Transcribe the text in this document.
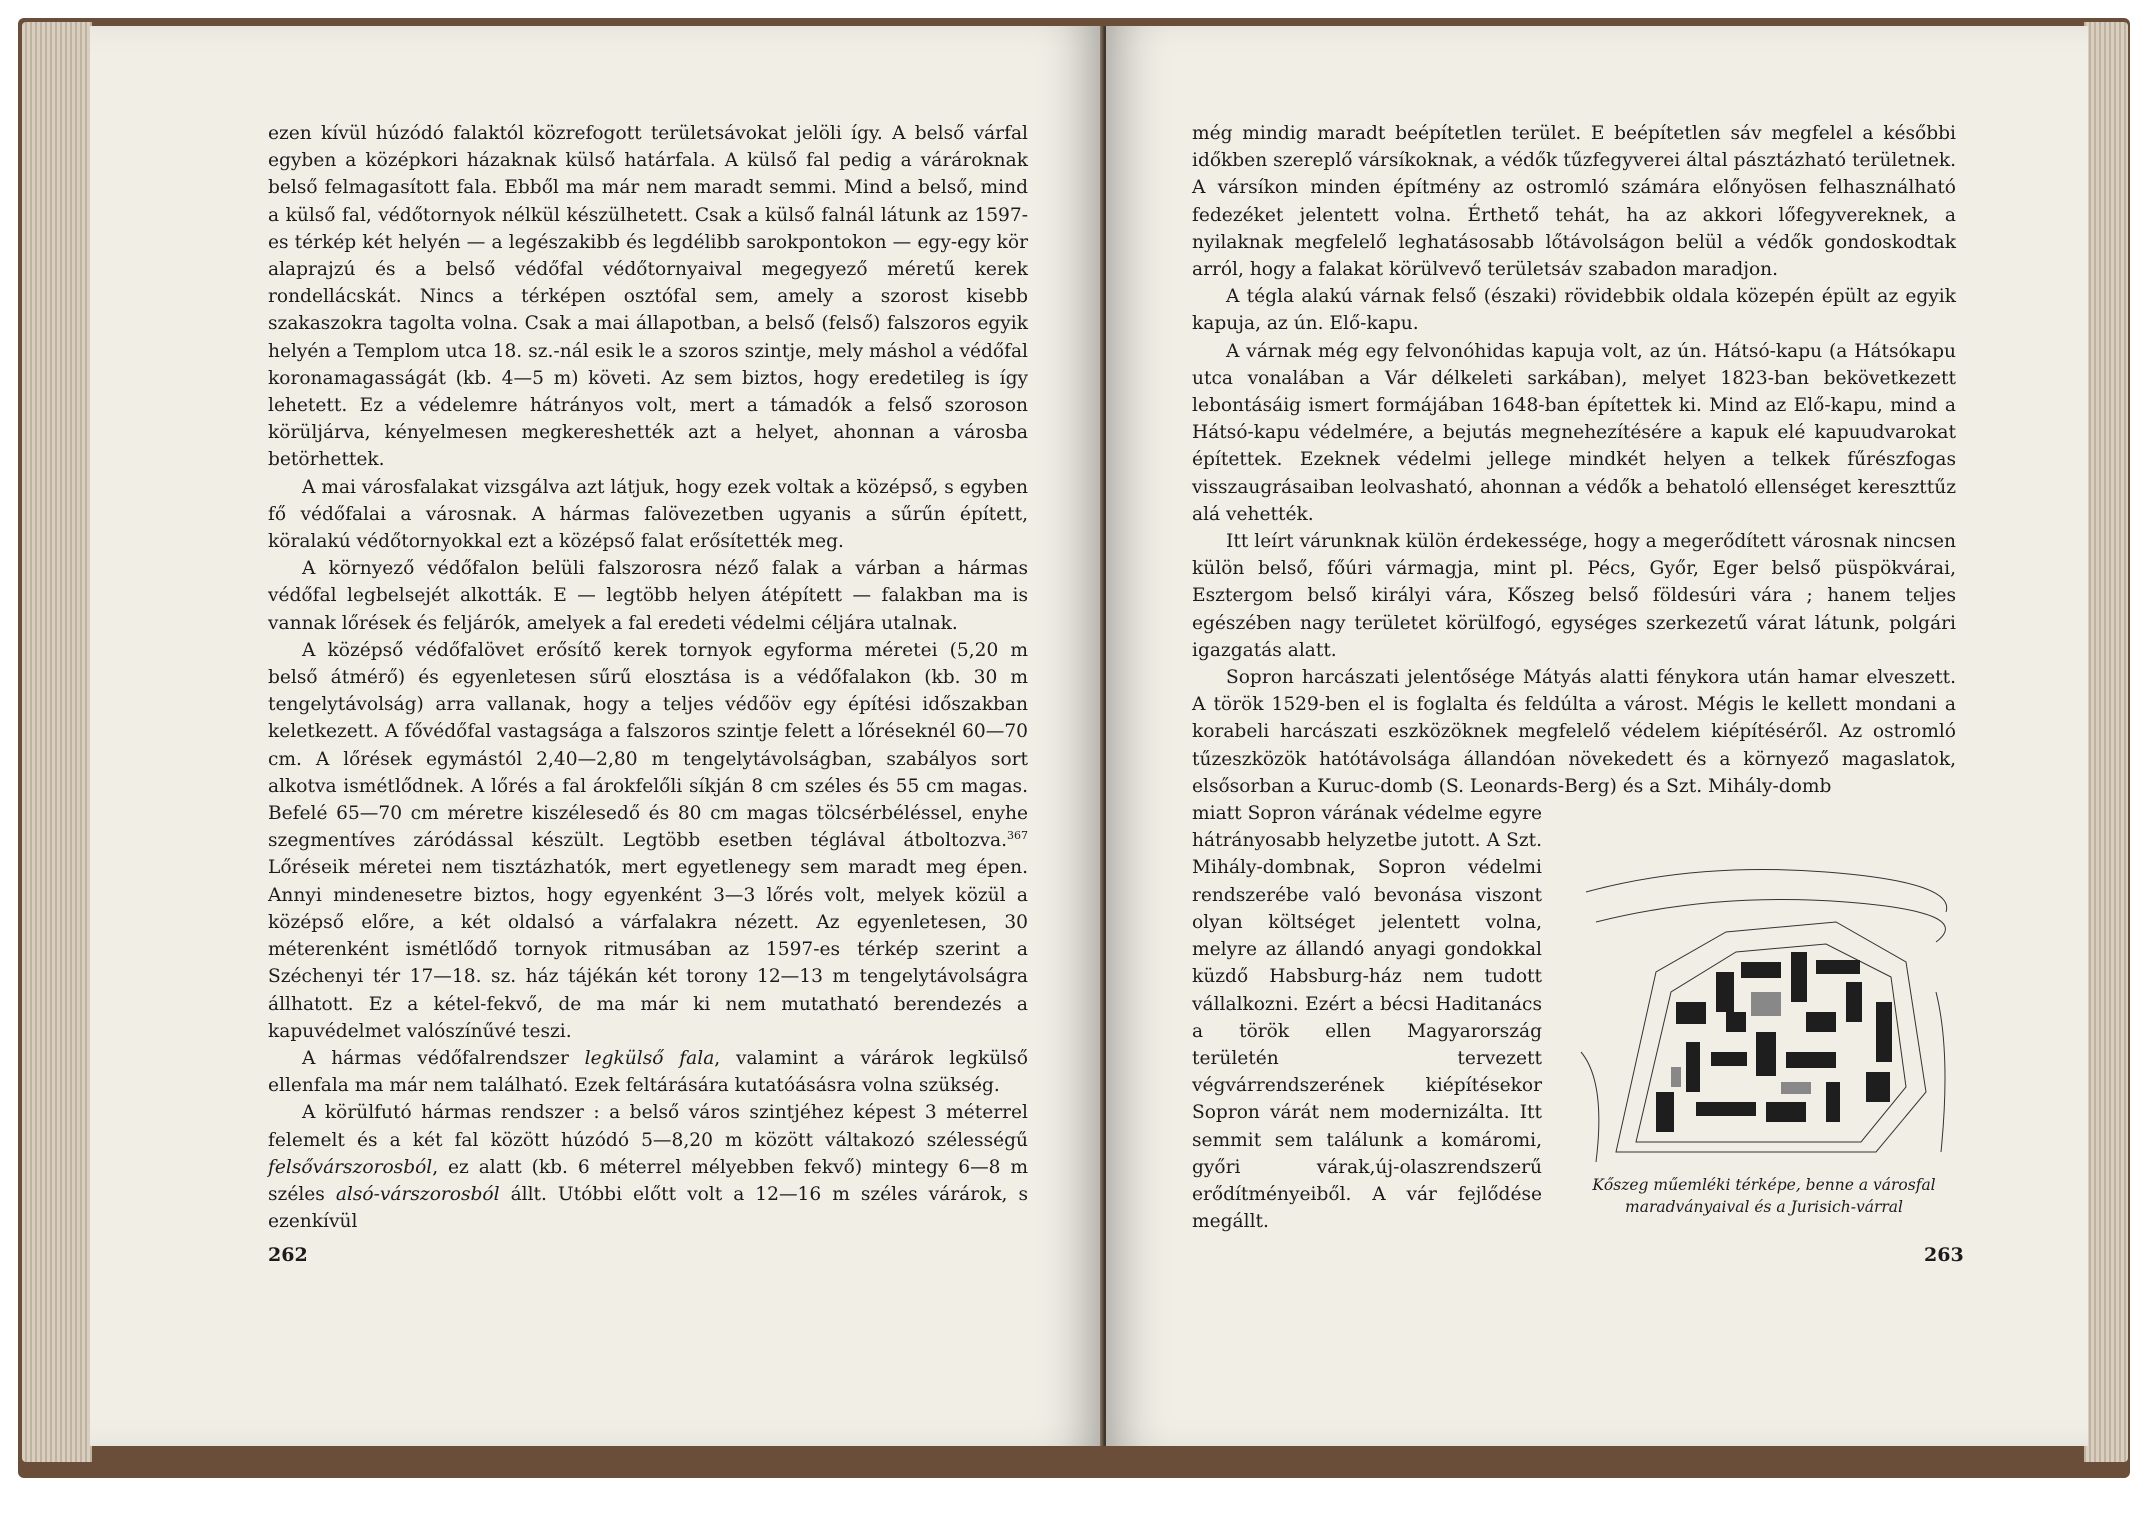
ezen kívül húzódó falaktól közrefogott területsávokat jelöli így. A belső várfal egyben a középkori házaknak külső határfala. A külső fal pedig a várároknak belső felmagasított fala. Ebből ma már nem maradt semmi. Mind a belső, mind a külső fal, védőtornyok nélkül készülhetett. Csak a külső falnál látunk az 1597-es térkép két helyén — a legészakibb és legdélibb sarokpontokon — egy-egy kör alaprajzú és a belső védőfal védőtornyaival megegyező méretű kerek rondellácskát. Nincs a térképen osztófal sem, amely a szorost kisebb szakaszokra tagolta volna. Csak a mai állapotban, a belső (felső) falszoros egyik helyén a Templom utca 18. sz.-nál esik le a szoros szintje, mely máshol a védőfal koronamagasságát (kb. 4—5 m) követi. Az sem biztos, hogy eredetileg is így lehetett. Ez a védelemre hátrányos volt, mert a támadók a felső szoroson körüljárva, kényelmesen megkereshették azt a helyet, ahonnan a városba betörhettek.

A mai városfalakat vizsgálva azt látjuk, hogy ezek voltak a középső, s egyben fő védőfalai a városnak. A hármas falövezetben ugyanis a sűrűn épített, köralakú védőtornyokkal ezt a középső falat erősítették meg.

A környező védőfalon belüli falszorosra néző falak a várban a hármas védőfal legbelsejét alkották. E — legtöbb helyen átépített — falakban ma is vannak lőrések és feljárók, amelyek a fal eredeti védelmi céljára utalnak.

A középső védőfalövet erősítő kerek tornyok egyforma méretei (5,20 m belső átmérő) és egyenletesen sűrű elosztása is a védőfalakon (kb. 30 m tengelytávolság) arra vallanak, hogy a teljes védőöv egy építési időszakban keletkezett. A fővédőfal vastagsága a falszoros szintje felett a lőréseknél 60—70 cm. A lőrések egymástól 2,40—2,80 m tengelytávolságban, szabályos sort alkotva ismétlődnek. A lőrés a fal árokfelőli síkján 8 cm széles és 55 cm magas. Befelé 65—70 cm méretre kiszélesedő és 80 cm magas tölcsérbéléssel, enyhe szegmentíves záródással készült. Legtöbb esetben téglával átboltozva.$^{367}$ Lőréseik méretei nem tisztázhatók, mert egyetlenegy sem maradt meg épen. Annyi mindenesetre biztos, hogy egyenként 3—3 lőrés volt, melyek közül a középső előre, a két oldalsó a várfalakra nézett. Az egyenletesen, 30 méterenként ismétlődő tornyok ritmusában az 1597-es térkép szerint a Széchenyi tér 17—18. sz. ház tájékán két torony 12—13 m tengelytávolságra állhatott. Ez a kétel-fekvő, de ma már ki nem mutatható berendezés a kapuvédelmet valószínűvé teszi.

A hármas védőfalrendszer legkülső fala, valamint a várárok legkülső ellenfala ma már nem található. Ezek feltárására kutatóásásra volna szükség.

A körülfutó hármas rendszer : a belső város szintjéhez képest 3 méterrel felemelt és a két fal között húzódó 5—8,20 m között váltakozó szélességű felsővárszorosból, ez alatt (kb. 6 méterrel mélyebben fekvő) mintegy 6—8 m széles alsó-várszorosból állt. Utóbbi előtt volt a 12—16 m széles várárok, s ezenkívül

262

még mindig maradt beépítetlen terület. E beépítetlen sáv megfelel a későbbi időkben szereplő vársíkoknak, a védők tűzfegyverei által pásztázható területnek. A vársíkon minden építmény az ostromló számára előnyösen felhasználható fedezéket jelentett volna. Érthető tehát, ha az akkori lőfegyvereknek, a nyilaknak megfelelő leghatásosabb lőtávolságon belül a védők gondoskodtak arról, hogy a falakat körülvevő területsáv szabadon maradjon.

A tégla alakú várnak felső (északi) rövidebbik oldala közepén épült az egyik kapuja, az ún. Elő-kapu.

A várnak még egy felvonóhidas kapuja volt, az ún. Hátsó-kapu (a Hátsókapu utca vonalában a Vár délkeleti sarkában), melyet 1823-ban bekövetkezett lebontásáig ismert formájában 1648-ban építettek ki. Mind az Elő-kapu, mind a Hátsó-kapu védelmére, a bejutás megnehezítésére a kapuk elé kapuudvarokat építettek. Ezeknek védelmi jellege mindkét helyen a telkek fűrészfogas visszaugrásaiban leolvasható, ahonnan a védők a behatoló ellenséget kereszttűz alá vehették.

Itt leírt várunknak külön érdekessége, hogy a megerődített városnak nincsen külön belső, főúri vármagja, mint pl. Pécs, Győr, Eger belső püspökvárai, Esztergom belső királyi vára, Kőszeg belső földesúri vára ; hanem teljes egészében nagy területet körülfogó, egységes szerkezetű várat látunk, polgári igazgatás alatt.

Sopron harcászati jelentősége Mátyás alatti fénykora után hamar elveszett. A török 1529-ben el is foglalta és feldúlta a várost. Mégis le kellett mondani a korabeli harcászati eszközöknek megfelelő védelem kiépítéséről. Az ostromló tűzeszközök hatótávolsága állandóan növekedett és a környező magaslatok, elsősorban a Kuruc-domb (S. Leonards-Berg) és a Szt. Mihály-domb

miatt Sopron várának védelme egyre hátrányosabb helyzetbe jutott. A Szt. Mihály-dombnak, Sopron védelmi rendszerébe való bevonása viszont olyan költséget jelentett volna, melyre az állandó anyagi gondokkal küzdő Habsburg-ház nem tudott vállalkozni. Ezért a bécsi Haditanács a török ellen Magyarország területén tervezett végvárrendszerének kiépítésekor Sopron várát nem modernizálta. Itt semmit sem találunk a komáromi, győri várak,új-olaszrendszerű erődítményeiből. A vár fejlődése megállt.

Kőszeg műemléki térképe, benne a városfal
maradványaival és a Jurisich-várral
263
